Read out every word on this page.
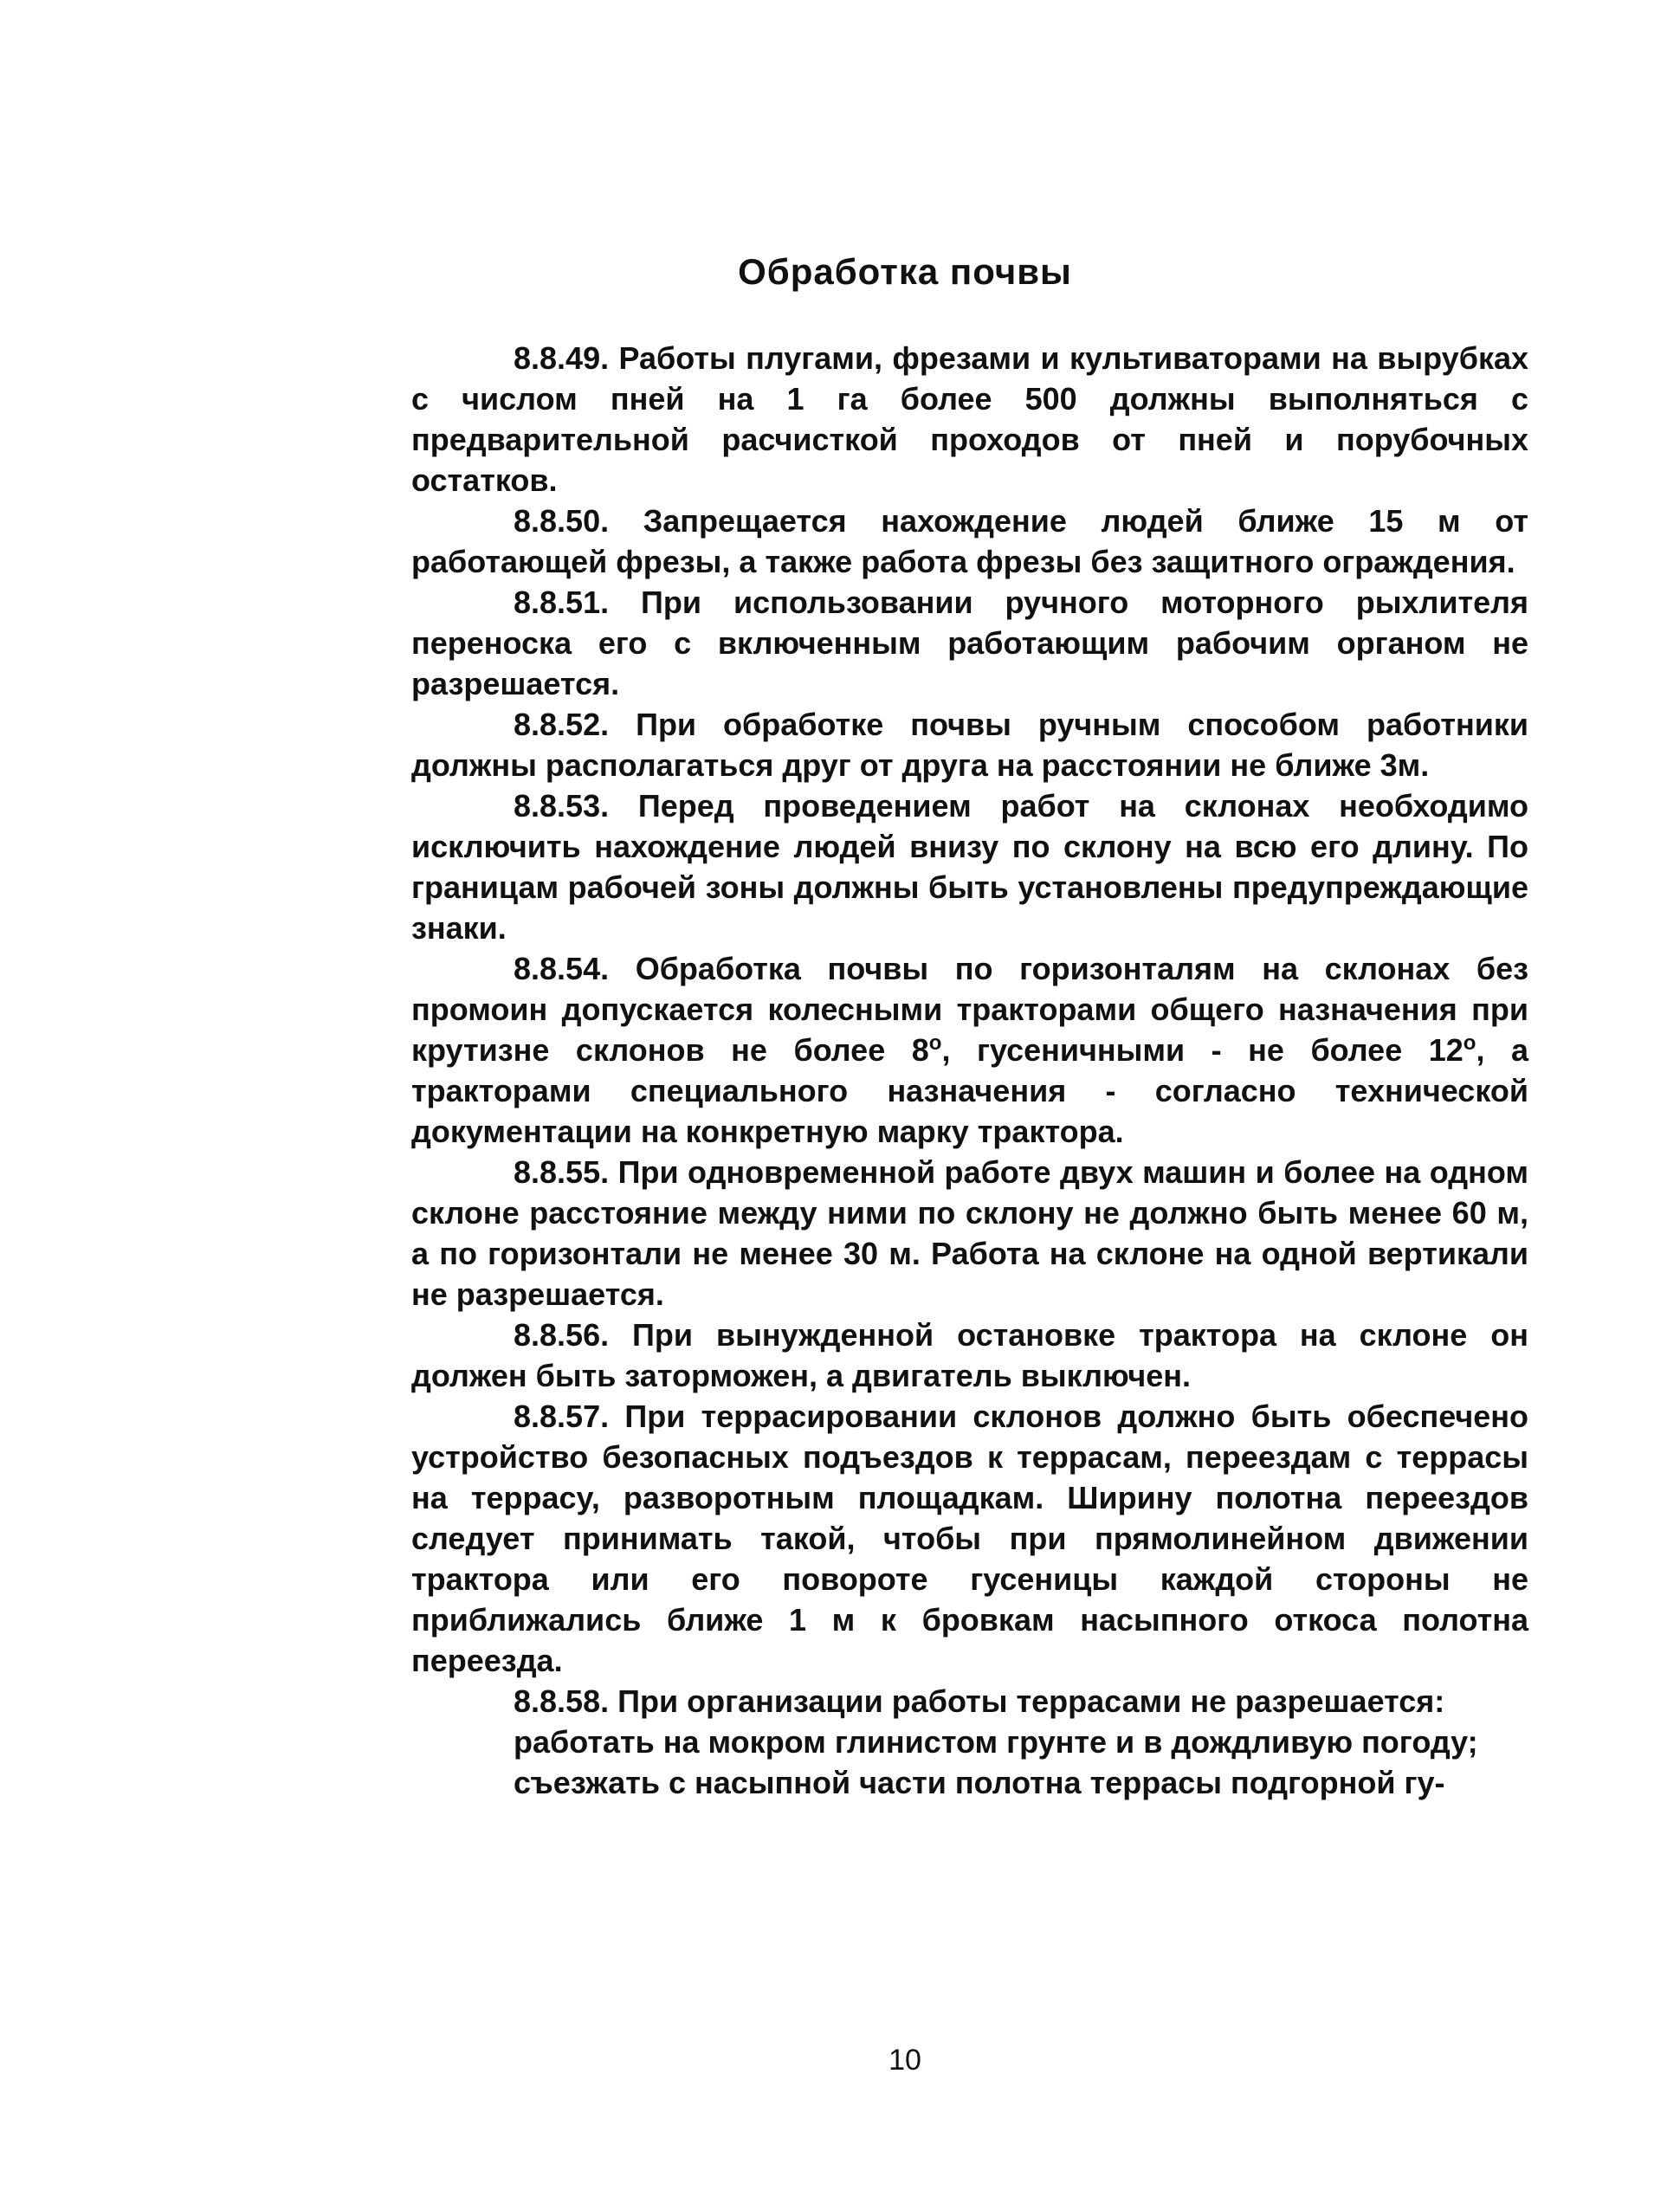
Обработка почвы

8.8.49. Работы плугами, фрезами и культиваторами на вырубках с числом пней на 1 га более 500 должны выполняться с предварительной расчисткой проходов от пней и порубочных остатков.

8.8.50. Запрещается нахождение людей ближе 15 м от работающей фрезы, а также работа фрезы без защитного ограждения.

8.8.51. При использовании ручного моторного рыхлителя переноска его с включенным работающим рабочим органом не разрешается.

8.8.52. При обработке почвы ручным способом работники должны располагаться друг от друга на расстоянии не ближе 3м.

8.8.53. Перед проведением работ на склонах необходимо исключить нахождение людей внизу по склону на всю его длину. По границам рабочей зоны должны быть установлены предупреждающие знаки.

8.8.54. Обработка почвы по горизонталям на склонах без промоин допускается колесными тракторами общего назначения при крутизне склонов не более $8^о$, гусеничными - не более $12^о$, а тракторами специального назначения - согласно технической документации на конкретную марку трактора.

8.8.55. При одновременной работе двух машин и более на одном склоне расстояние между ними по склону не должно быть менее 60 м, а по горизонтали не менее 30 м. Работа на склоне на одной вертикали не разрешается.

8.8.56. При вынужденной остановке трактора на склоне он должен быть заторможен, а двигатель выключен.

8.8.57. При террасировании склонов должно быть обеспечено устройство безопасных подъездов к террасам, переездам с террасы на террасу, разворотным площадкам. Ширину полотна переездов следует принимать такой, чтобы при прямолинейном движении трактора или его повороте гусеницы каждой стороны не приближались ближе 1 м к бровкам насыпного откоса полотна переезда.

8.8.58. При организации работы террасами не разрешается:

работать на мокром глинистом грунте и в дождливую погоду;

съезжать с насыпной части полотна террасы подгорной гу-

10
